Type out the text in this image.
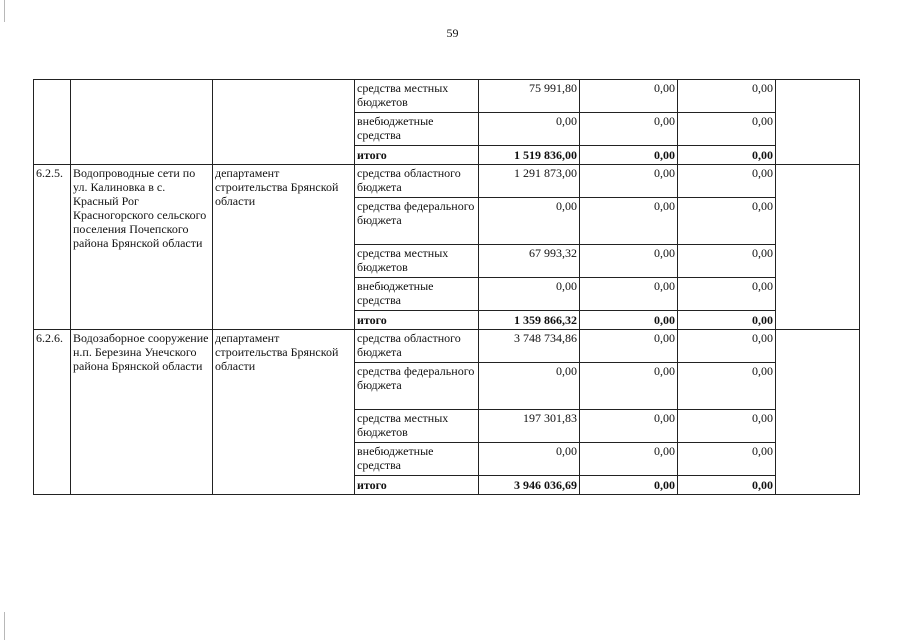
59
			средства местных бюджетов	75 991,80	0,00	0,00	
			внебюджетные средства	0,00	0,00	0,00	
			итого	1 519 836,00	0,00	0,00	
6.2.5.	Водопроводные сети по ул. Калиновка в с. Красный Рог Красногорского сельского поселения Почепского района Брянской области	департамент строительства Брянской области	средства областного бюджета	1 291 873,00	0,00	0,00	
			средства федерального бюджета	0,00	0,00	0,00	
			средства местных бюджетов	67 993,32	0,00	0,00	
			внебюджетные средства	0,00	0,00	0,00	
			итого	1 359 866,32	0,00	0,00	
6.2.6.	Водозаборное сооружение н.п. Березина Унечского района Брянской области	департамент строительства Брянской области	средства областного бюджета	3 748 734,86	0,00	0,00	
			средства федерального бюджета	0,00	0,00	0,00	
			средства местных бюджетов	197 301,83	0,00	0,00	
			внебюджетные средства	0,00	0,00	0,00	
			итого	3 946 036,69	0,00	0,00	
